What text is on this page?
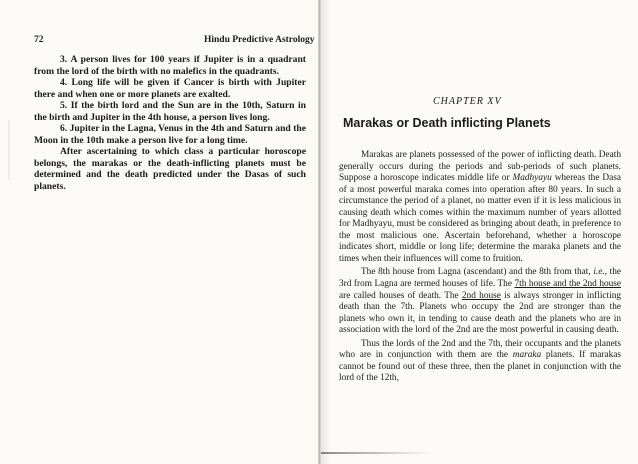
72	Hindu Predictive Astrology

3. A person lives for 100 years if Jupiter is in a quadrant from the lord of the birth with no malefics in the quadrants.

4. Long life will be given if Cancer is birth with Jupiter there and when one or more planets are exalted.

5. If the birth lord and the Sun are in the 10th, Saturn in the birth and Jupiter in the 4th house, a person lives long.

6. Jupiter in the Lagna, Venus in the 4th and Saturn and the Moon in the 10th make a person live for a long time.

After ascertaining to which class a particular horoscope belongs, the marakas or the death-inflicting planets must be determined and the death predicted under the Dasas of such planets.

CHAPTER XV
Marakas or Death inflicting Planets

Marakas are planets possessed of the power of inflicting death. Death generally occurs during the periods and sub-periods of such planets. Suppose a horoscope indicates middle life or Madhyayu whereas the Dasa of a most powerful maraka comes into operation after 80 years. In such a circumstance the period of a planet, no matter even if it is less malicious in causing death which comes within the maximum number of years allotted for Madhyayu, must be considered as bringing about death, in preference to the most malicious one. Ascertain beforehand, whether a horoscope indicates short, middle or long life; determine the maraka planets and the times when their influences will come to fruition.

The 8th house from Lagna (ascendant) and the 8th from that, i.e., the 3rd from Lagna are termed houses of life. The 7th house and the 2nd house are called houses of death. The 2nd house is always stronger in inflicting death than the 7th. Planets who occupy the 2nd are stronger than the planets who own it, in tending to cause death and the planets who are in association with the lord of the 2nd are the most powerful in causing death.

Thus the lords of the 2nd and the 7th, their occupants and the planets who are in conjunction with them are the maraka planets. If marakas cannot be found out of these three, then the planet in conjunction with the lord of the 12th,
